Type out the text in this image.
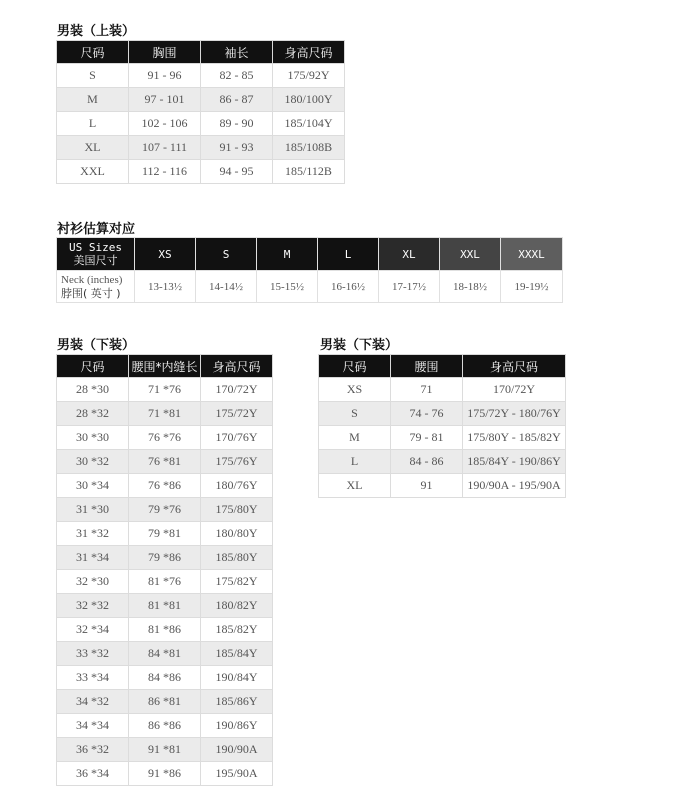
男装（上装）
尺码	胸围	袖长	身高尺码
S	91 - 96	82 - 85	175/92Y
M	97 - 101	86 - 87	180/100Y
L	102 - 106	89 - 90	185/104Y
XL	107 - 111	91 - 93	185/108B
XXL	112 - 116	94 - 95	185/112B
衬衫估算对应
US Sizes
美国尺寸	XS	S	M	L	XL	XXL	XXXL

Neck (inches)
脖围( 英寸 )	13-13½	14-14½	15-15½	16-16½	17-17½	18-18½	19-19½
男装（下装）
尺码	腰围*内缝长	身高尺码
28 *30	71 *76	170/72Y
28 *32	71 *81	175/72Y
30 *30	76 *76	170/76Y
30 *32	76 *81	175/76Y
30 *34	76 *86	180/76Y
31 *30	79 *76	175/80Y
31 *32	79 *81	180/80Y
31 *34	79 *86	185/80Y
32 *30	81 *76	175/82Y
32 *32	81 *81	180/82Y
32 *34	81 *86	185/82Y
33 *32	84 *81	185/84Y
33 *34	84 *86	190/84Y
34 *32	86 *81	185/86Y
34 *34	86 *86	190/86Y
36 *32	91 *81	190/90A
36 *34	91 *86	195/90A
男装（下装）
尺码	腰围	身高尺码
XS	71	170/72Y
S	74 - 76	175/72Y - 180/76Y
M	79 - 81	175/80Y - 185/82Y
L	84 - 86	185/84Y - 190/86Y
XL	91	190/90A - 195/90A
